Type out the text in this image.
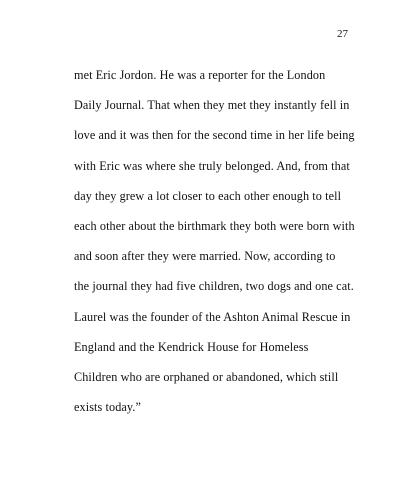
27
met Eric Jordon. He was a reporter for the London
Daily Journal. That when they met they instantly fell in
love and it was then for the second time in her life being
with Eric was where she truly belonged. And, from that
day they grew a lot closer to each other enough to tell
each other about the birthmark they both were born with
and soon after they were married. Now, according to
the journal they had five children, two dogs and one cat.
Laurel was the founder of the Ashton Animal Rescue in
England and the Kendrick House for Homeless
Children who are orphaned or abandoned, which still
exists today.”
